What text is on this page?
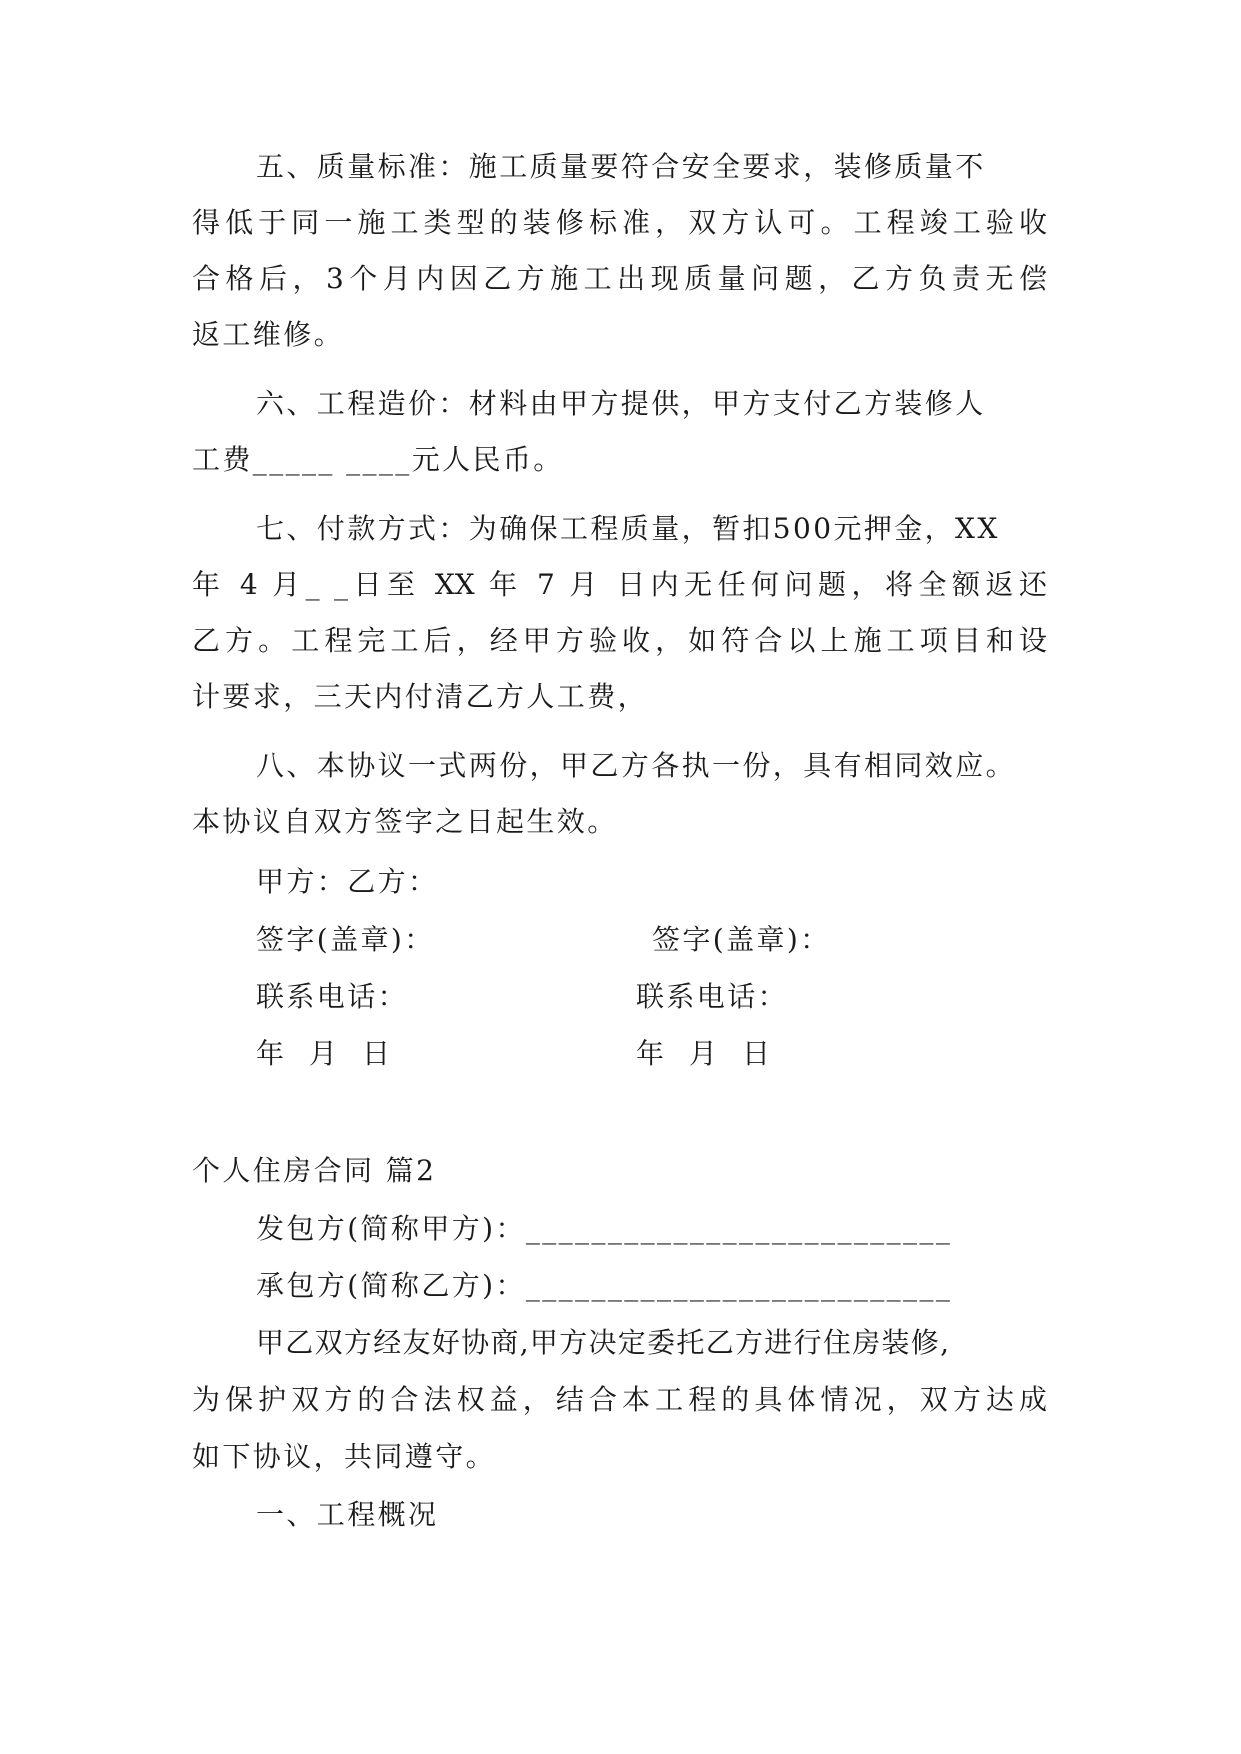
五、质量标准：施工质量要符合安全要求，装修质量不
得低于同一施工类型的装修标准，双方认可。工程竣工验收
合格后，3个月内因乙方施工出现质量问题，乙方负责无偿
返工维修。
六、工程造价：材料由甲方提供，甲方支付乙方装修人
工费_____ ____元人民币。
七、付款方式：为确保工程质量，暂扣500元押金，XX
年 4 月_ _日至 XX 年 7 月 日内无任何问题，将全额返还
乙方。工程完工后，经甲方验收，如符合以上施工项目和设
计要求，三天内付清乙方人工费，
八、本协议一式两份，甲乙方各执一份，具有相同效应。
本协议自双方签字之日起生效。
甲方：乙方：
签字(盖章)：	签字(盖章)：
联系电话：	联系电话：
年  月  日	年  月  日
个人住房合同 篇2
发包方(简称甲方)：__________________________
承包方(简称乙方)：__________________________
甲乙双方经友好协商,甲方决定委托乙方进行住房装修,
为保护双方的合法权益，结合本工程的具体情况，双方达成
如下协议，共同遵守。
一、工程概况
